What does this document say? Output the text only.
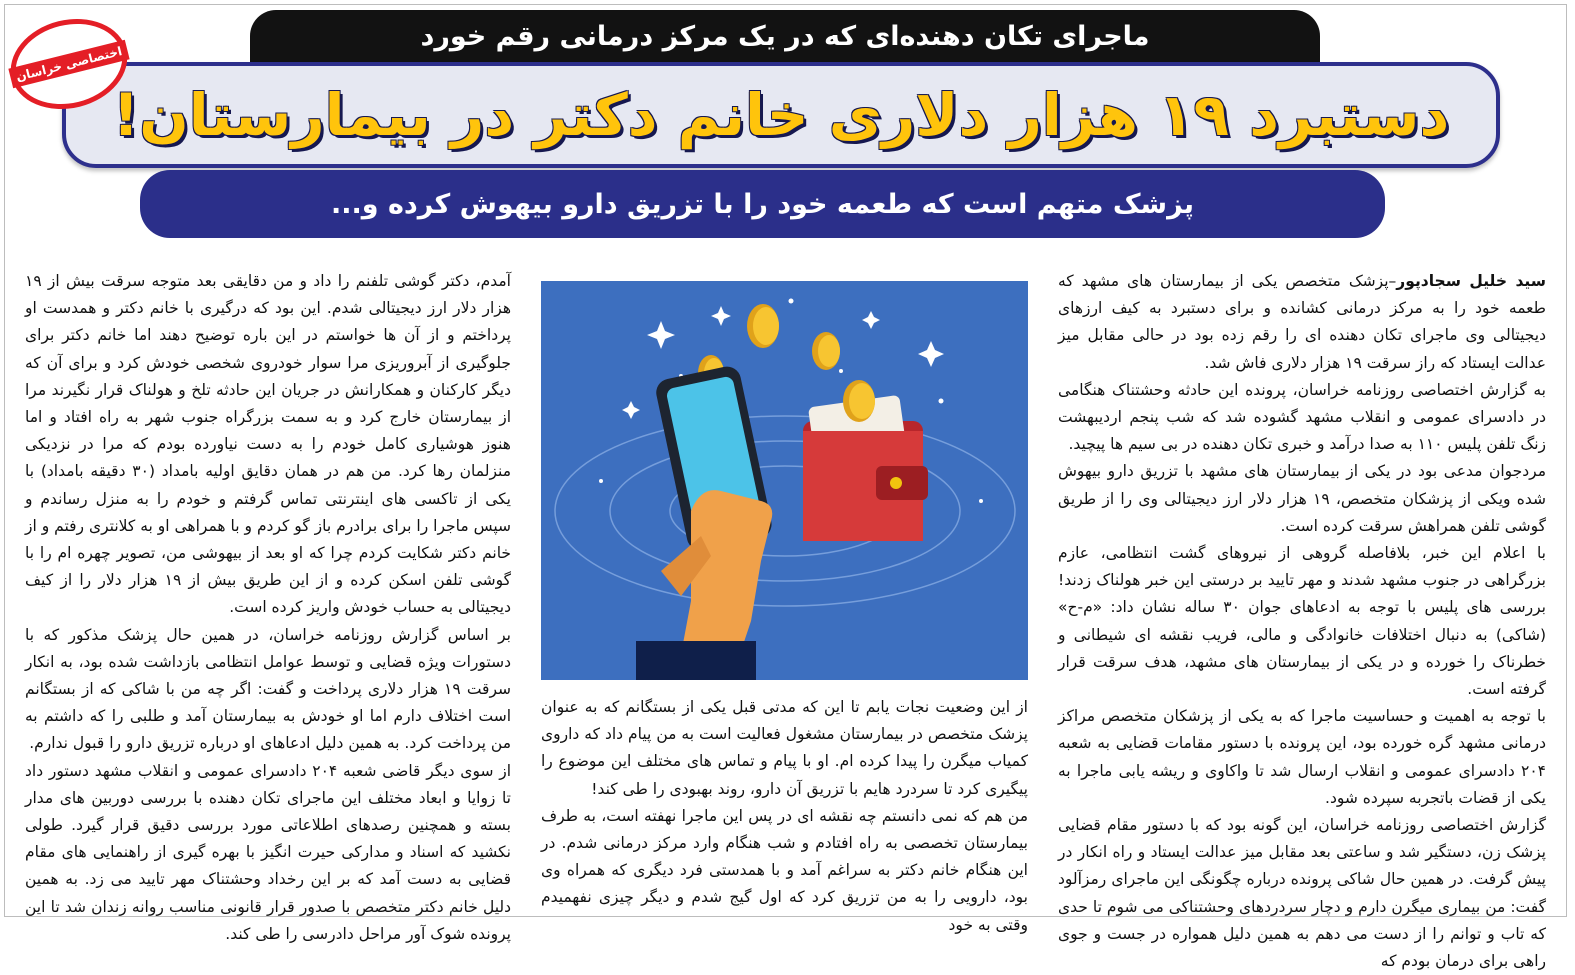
ماجرای تکان دهنده‌ای که در یک مرکز درمانی رقم خورد
دستبرد ۱۹ هزار دلاری خانم دکتر در بیمارستان!
پزشک متهم است که طعمه خود را با تزریق دارو بیهوش کرده و...
اختصاصی خراسان

سید خلیل سجادپور–پزشک متخصص یکی از بیمارستان های مشهد که طعمه خود را به مرکز درمانی کشانده و برای دستبرد به کیف ارزهای دیجیتالی وی ماجرای تکان دهنده ای را رقم زده بود در حالی مقابل میز عدالت ایستاد که راز سرقت ۱۹ هزار دلاری فاش شد.

به گزارش اختصاصی روزنامه خراسان، پرونده این حادثه وحشتناک هنگامی در دادسرای عمومی و انقلاب مشهد گشوده شد که شب پنجم اردیبهشت زنگ تلفن پلیس ۱۱۰ به صدا درآمد و خبری تکان دهنده در بی سیم ها پیچید.

مردجوان مدعی بود در یکی از بیمارستان های مشهد با تزریق دارو بیهوش شده ویکی از پزشکان متخصص، ۱۹ هزار دلار ارز دیجیتالی وی را از طریق گوشی تلفن همراهش سرقت کرده است.

با اعلام این خبر، بلافاصله گروهی از نیروهای گشت انتظامی، عازم بزرگراهی در جنوب مشهد شدند و مهر تایید بر درستی این خبر هولناک زدند! بررسی های پلیس با توجه به ادعاهای جوان ۳۰ ساله نشان داد: «م-ح» (شاکی) به دنبال اختلافات خانوادگی و مالی، فریب نقشه ای شیطانی و خطرناک را خورده و در یکی از بیمارستان های مشهد، هدف سرقت قرار گرفته است.

با توجه به اهمیت و حساسیت ماجرا که به یکی از پزشکان متخصص مراکز درمانی مشهد گره خورده بود، این پرونده با دستور مقامات قضایی به شعبه ۲۰۴ دادسرای عمومی و انقلاب ارسال شد تا واکاوی و ریشه یابی ماجرا به یکی از قضات باتجربه سپرده شود.

گزارش اختصاصی روزنامه خراسان، این گونه بود که با دستور مقام قضایی پزشک زن، دستگیر شد و ساعتی بعد مقابل میز عدالت ایستاد و راه انکار در پیش گرفت. در همین حال شاکی پرونده درباره چگونگی این ماجرای رمزآلود گفت: من بیماری میگرن دارم و دچار سردردهای وحشتناکی می شوم تا حدی که تاب و توانم را از دست می دهم به همین دلیل همواره در جست و جوی راهی برای درمان بودم که

از این وضعیت نجات یابم تا این که مدتی قبل یکی از بستگانم که به عنوان پزشک متخصص در بیمارستان مشغول فعالیت است به من پیام داد که داروی کمیاب میگرن را پیدا کرده ام. او با پیام و تماس های مختلف این موضوع را پیگیری کرد تا سردرد هایم با تزریق آن دارو، روند بهبودی را طی کند!

من هم که نمی دانستم چه نقشه ای در پس این ماجرا نهفته است، به طرف بیمارستان تخصصی به راه افتادم و شب هنگام وارد مرکز درمانی شدم. در این هنگام خانم دکتر به سراغم آمد و با همدستی فرد دیگری که همراه وی بود، دارویی را به من تزریق کرد که اول گیج شدم و دیگر چیزی نفهمیدم وقتی به خود

آمدم، دکتر گوشی تلفنم را داد و من دقایقی بعد متوجه سرقت بیش از ۱۹ هزار دلار ارز دیجیتالی شدم. این بود که درگیری با خانم دکتر و همدست او پرداختم و از آن ها خواستم در این باره توضیح دهند اما خانم دکتر برای جلوگیری از آبروریزی مرا سوار خودروی شخصی خودش کرد و برای آن که دیگر کارکنان و همکارانش در جریان این حادثه تلخ و هولناک قرار نگیرند مرا از بیمارستان خارج کرد و به سمت بزرگراه جنوب شهر به راه افتاد و اما هنوز هوشیاری کامل خودم را به دست نیاورده بودم که مرا در نزدیکی منزلمان رها کرد. من هم در همان دقایق اولیه بامداد (۳۰ دقیقه بامداد) با یکی از تاکسی های اینترنتی تماس گرفتم و خودم را به منزل رساندم و سپس ماجرا را برای برادرم باز گو کردم و با همراهی او به کلانتری رفتم و از خانم دکتر شکایت کردم چرا که او بعد از بیهوشی من، تصویر چهره ام را با گوشی تلفن اسکن کرده و از این طریق بیش از ۱۹ هزار دلار را از کیف دیجیتالی به حساب خودش واریز کرده است.

بر اساس گزارش روزنامه خراسان، در همین حال پزشک مذکور که با دستورات ویژه قضایی و توسط عوامل انتظامی بازداشت شده بود، به انکار سرقت ۱۹ هزار دلاری پرداخت و گفت: اگر چه من با شاکی که از بستگانم است اختلاف دارم اما او خودش به بیمارستان آمد و طلبی را که داشتم به من پرداخت کرد. به همین دلیل ادعاهای او درباره تزریق دارو را قبول ندارم.

از سوی دیگر قاضی شعبه ۲۰۴ دادسرای عمومی و انقلاب مشهد دستور داد تا زوایا و ابعاد مختلف این ماجرای تکان دهنده با بررسی دوربین های مدار بسته و همچنین رصدهای اطلاعاتی مورد بررسی دقیق قرار گیرد. طولی نکشید که اسناد و مدارکی حیرت انگیز با بهره گیری از راهنمایی های مقام قضایی به دست آمد که بر این رخداد وحشتناک مهر تایید می زد. به همین دلیل خانم دکتر متخصص با صدور قرار قانونی مناسب روانه زندان شد تا این پرونده شوک آور مراحل دادرسی را طی کند.
